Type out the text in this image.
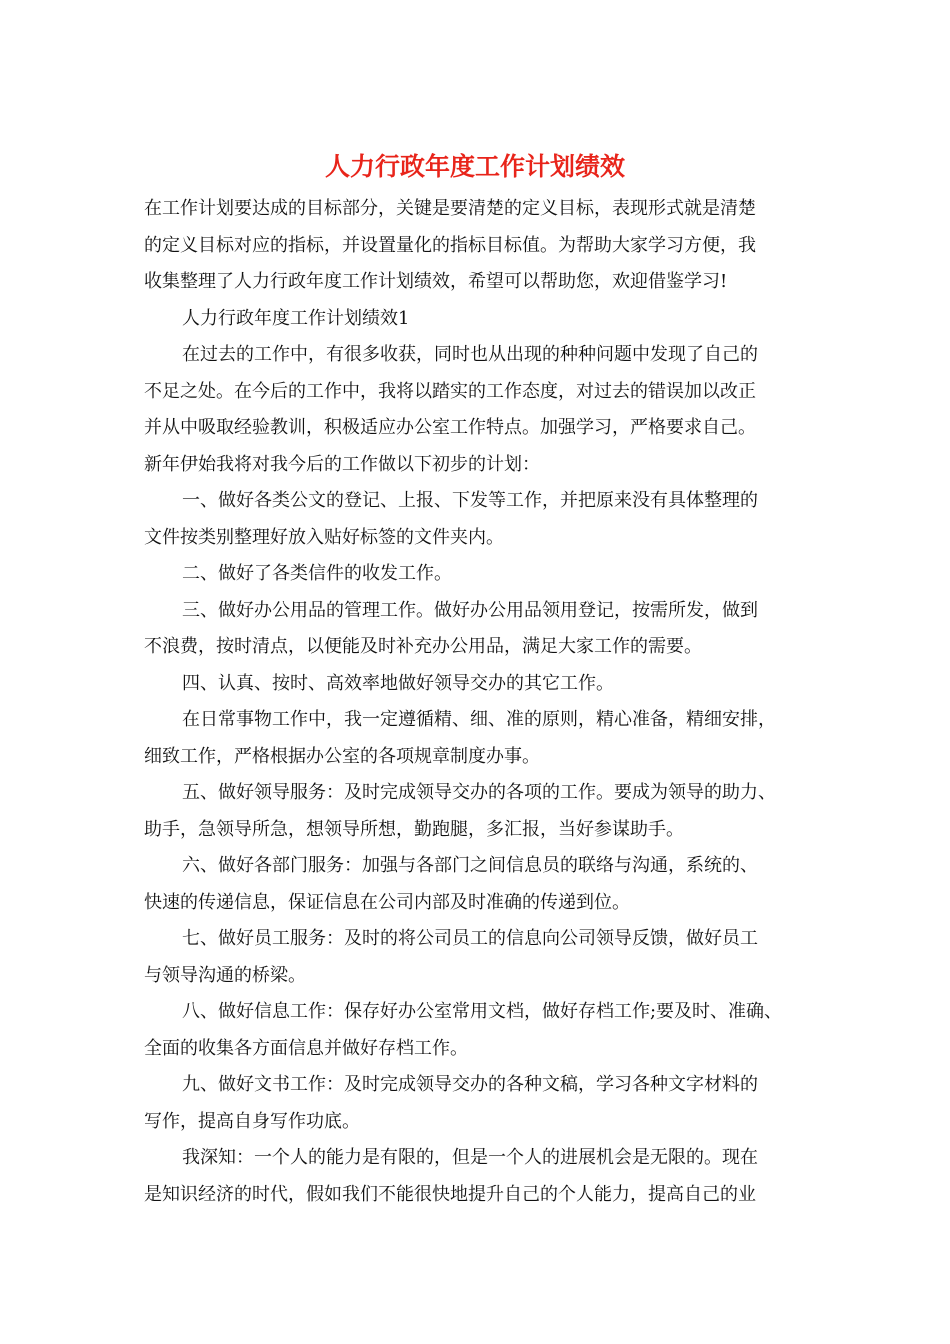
人力行政年度工作计划绩效
在工作计划要达成的目标部分，关键是要清楚的定义目标，表现形式就是清楚
的定义目标对应的指标，并设置量化的指标目标值。为帮助大家学习方便，我
收集整理了人力行政年度工作计划绩效，希望可以帮助您，欢迎借鉴学习!
人力行政年度工作计划绩效1
在过去的工作中，有很多收获，同时也从出现的种种问题中发现了自己的
不足之处。在今后的工作中，我将以踏实的工作态度，对过去的错误加以改正
并从中吸取经验教训，积极适应办公室工作特点。加强学习，严格要求自己。
新年伊始我将对我今后的工作做以下初步的计划：
一、做好各类公文的登记、上报、下发等工作，并把原来没有具体整理的
文件按类别整理好放入贴好标签的文件夹内。
二、做好了各类信件的收发工作。
三、做好办公用品的管理工作。做好办公用品领用登记，按需所发，做到
不浪费，按时清点，以便能及时补充办公用品，满足大家工作的需要。
四、认真、按时、高效率地做好领导交办的其它工作。
在日常事物工作中，我一定遵循精、细、准的原则，精心准备，精细安排，
细致工作，严格根据办公室的各项规章制度办事。
五、做好领导服务：及时完成领导交办的各项的工作。要成为领导的助力、
助手，急领导所急，想领导所想，勤跑腿，多汇报，当好参谋助手。
六、做好各部门服务：加强与各部门之间信息员的联络与沟通，系统的、
快速的传递信息，保证信息在公司内部及时准确的传递到位。
七、做好员工服务：及时的将公司员工的信息向公司领导反馈，做好员工
与领导沟通的桥梁。
八、做好信息工作：保存好办公室常用文档，做好存档工作;要及时、准确、
全面的收集各方面信息并做好存档工作。
九、做好文书工作：及时完成领导交办的各种文稿，学习各种文字材料的
写作，提高自身写作功底。
我深知：一个人的能力是有限的，但是一个人的进展机会是无限的。现在
是知识经济的时代，假如我们不能很快地提升自己的个人能力，提高自己的业
